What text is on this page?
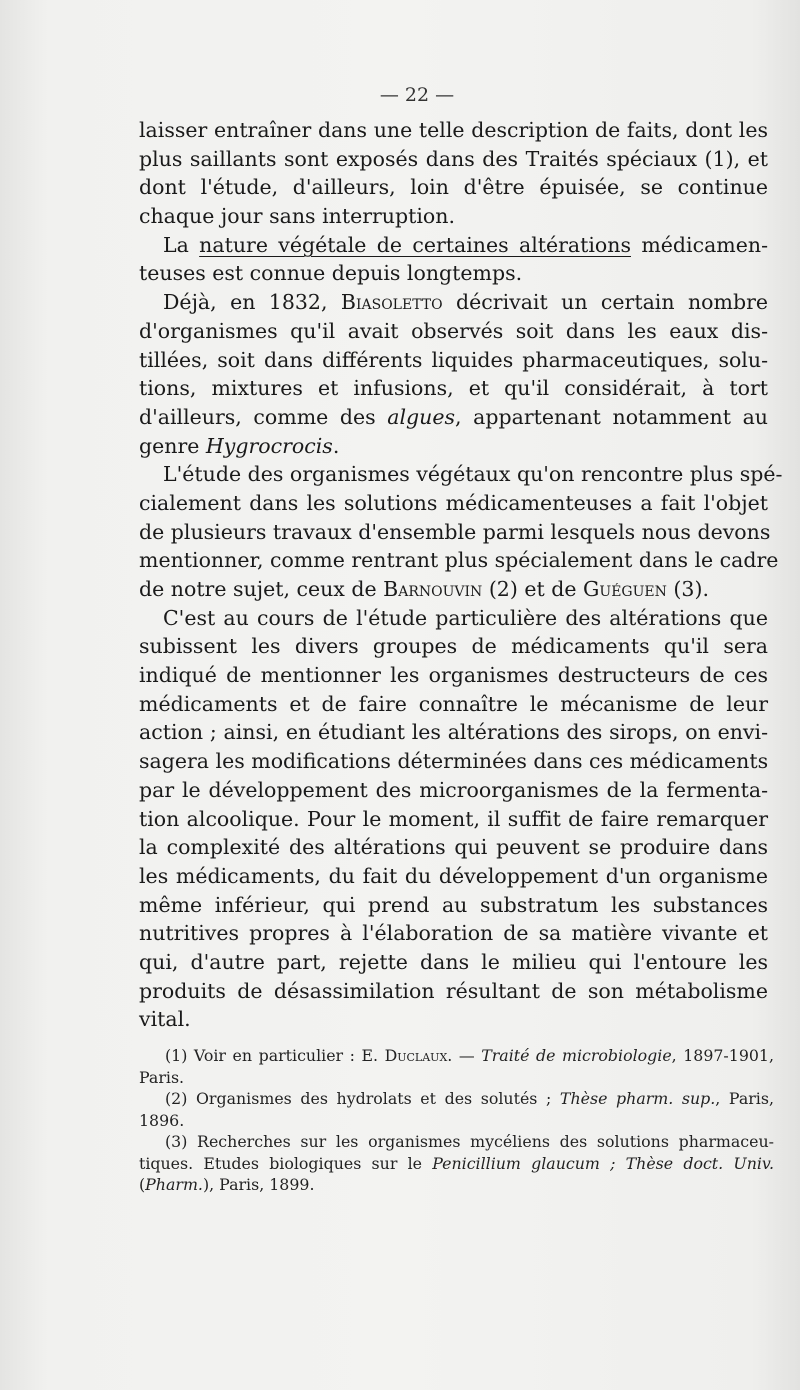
— 22 —
laisser entraîner dans une telle description de faits, dont les
plus saillants sont exposés dans des Traités spéciaux (1), et
dont l'étude, d'ailleurs, loin d'être épuisée, se continue
chaque jour sans interruption.
La nature végétale de certaines altérations médicamen-
teuses est connue depuis longtemps.
Déjà, en 1832, Biasoletto décrivait un certain nombre
d'organismes qu'il avait observés soit dans les eaux dis-
tillées, soit dans différents liquides pharmaceutiques, solu-
tions, mixtures et infusions, et qu'il considérait, à tort
d'ailleurs, comme des algues, appartenant notamment au
genre Hygrocrocis.
L'étude des organismes végétaux qu'on rencontre plus spé-
cialement dans les solutions médicamenteuses a fait l'objet
de plusieurs travaux d'ensemble parmi lesquels nous devons
mentionner, comme rentrant plus spécialement dans le cadre
de notre sujet, ceux de Barnouvin (2) et de Guéguen (3).
C'est au cours de l'étude particulière des altérations que
subissent les divers groupes de médicaments qu'il sera
indiqué de mentionner les organismes destructeurs de ces
médicaments et de faire connaître le mécanisme de leur
action ; ainsi, en étudiant les altérations des sirops, on envi-
sagera les modifications déterminées dans ces médicaments
par le développement des microorganismes de la fermenta-
tion alcoolique. Pour le moment, il suffit de faire remarquer
la complexité des altérations qui peuvent se produire dans
les médicaments, du fait du développement d'un organisme
même inférieur, qui prend au substratum les substances
nutritives propres à l'élaboration de sa matière vivante et
qui, d'autre part, rejette dans le milieu qui l'entoure les
produits de désassimilation résultant de son métabolisme
vital.
(1) Voir en particulier : E. Duclaux. — Traité de microbiologie, 1897-1901,
Paris.
(2) Organismes des hydrolats et des solutés ; Thèse pharm. sup., Paris,
1896.
(3) Recherches sur les organismes mycéliens des solutions pharmaceu-
tiques. Etudes biologiques sur le Penicillium glaucum ; Thèse doct. Univ.
(Pharm.), Paris, 1899.
